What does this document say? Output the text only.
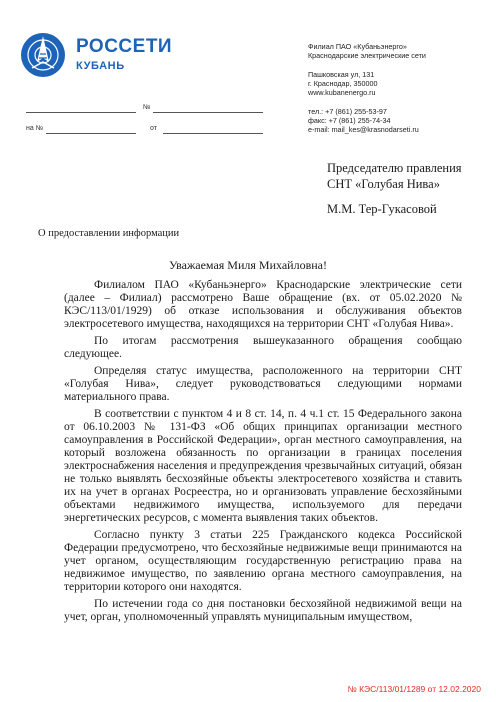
РОССЕТИ
КУБАНЬ
Филиал ПАО «Кубаньэнерго»
Краснодарские электрические сети
Пашковская ул, 131
г. Краснодар, 350000
www.kubanenergo.ru
тел.: +7 (861) 255-53-97
факс: +7 (861) 255-74-34
e-mail: mail_kes@krasnodarseti.ru
№
на №	от
Председателю правления
СНТ «Голубая Нива»
М.М. Тер-Гукасовой
О предоставлении информации
Уважаемая Миля Михайловна!

Филиалом ПАО «Кубаньэнерго» Краснодарские электрические сети (далее – Филиал) рассмотрено Ваше обращение (вх. от 05.02.2020 № КЭС/113/01/1929) об отказе использования и обслуживания объектов электросетевого имущества, находящихся на территории СНТ «Голубая Нива».

По итогам рассмотрения вышеуказанного обращения сообщаю следующее.

Определяя статус имущества, расположенного на территории СНТ «Голубая Нива», следует руководствоваться следующими нормами материального права.

В соответствии с пунктом 4 и 8 ст. 14, п. 4 ч.1 ст. 15 Федерального закона от 06.10.2003 № 131-ФЗ «Об общих принципах организации местного самоуправления в Российской Федерации», орган местного самоуправления, на который возложена обязанность по организации в границах поселения электроснабжения населения и предупреждения чрезвычайных ситуаций, обязан не только выявлять бесхозяйные объекты электросетевого хозяйства и ставить их на учет в органах Росреестра, но и организовать управление бесхозяйными объектами недвижимого имущества, используемого для передачи энергетических ресурсов, с момента выявления таких объектов.

Согласно пункту 3 статьи 225 Гражданского кодекса Российской Федерации предусмотрено, что бесхозяйные недвижимые вещи принимаются на учет органом, осуществляющим государственную регистрацию права на недвижимое имущество, по заявлению органа местного самоуправления, на территории которого они находятся.

По истечении года со дня постановки бесхозяйной недвижимой вещи на учет, орган, уполномоченный управлять муниципальным имуществом,

№ КЭС/113/01/1289 от 12.02.2020
